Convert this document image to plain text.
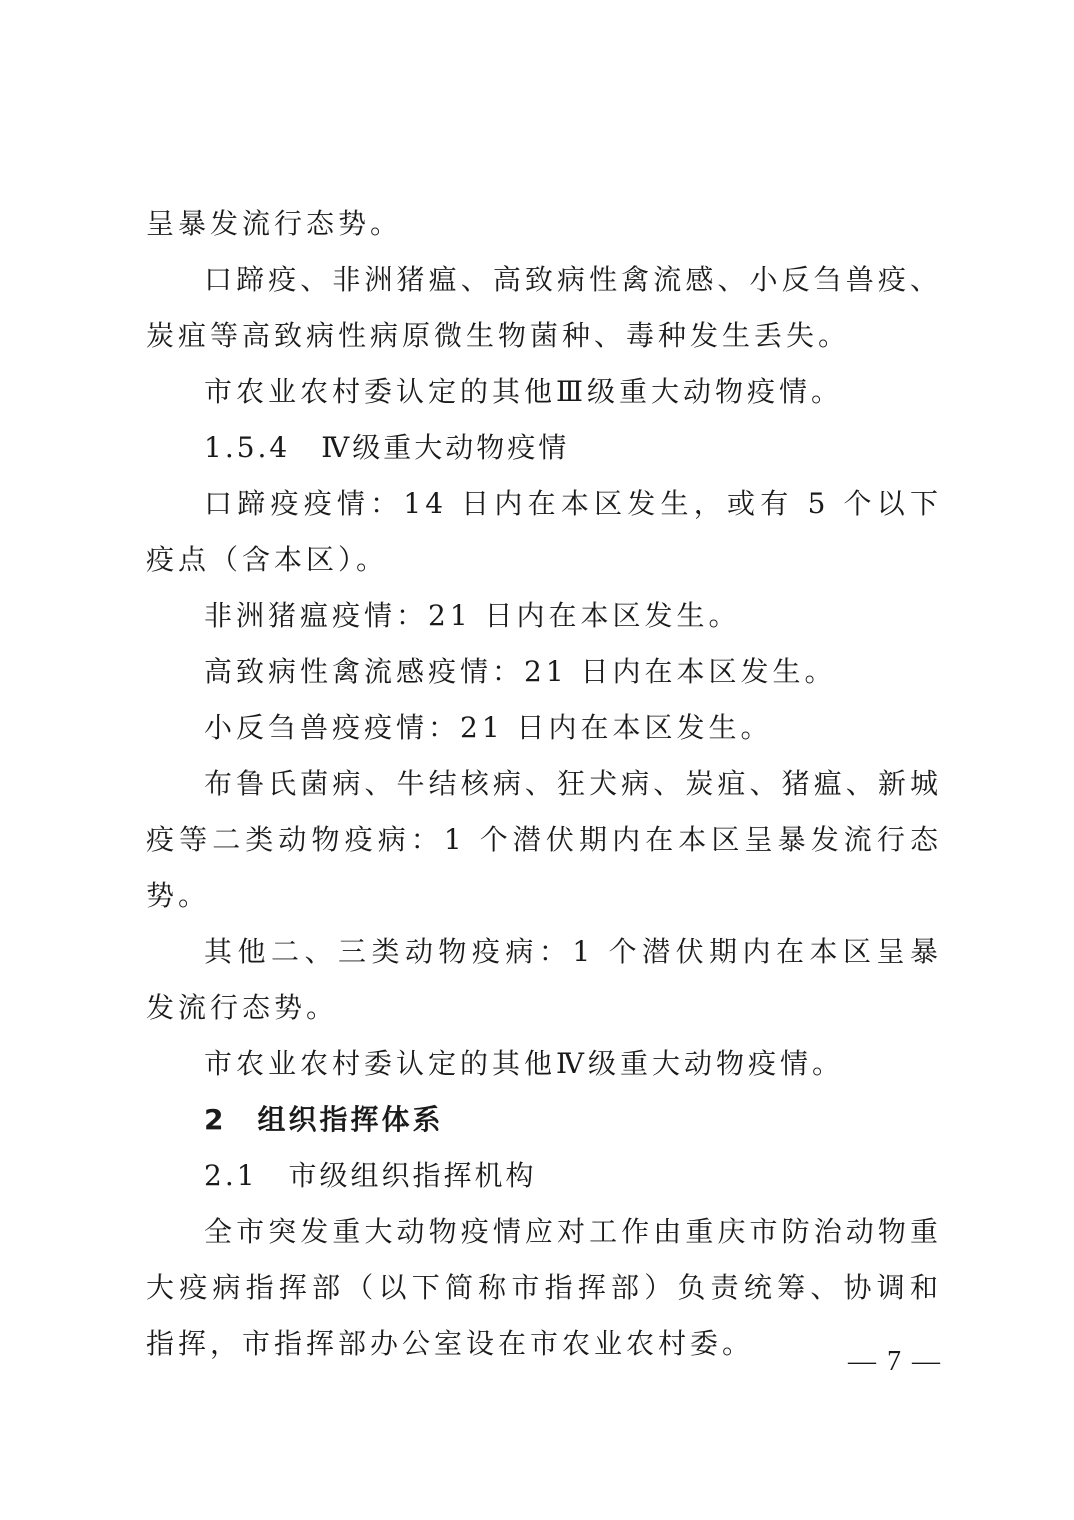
呈暴发流行态势。

口蹄疫、非洲猪瘟、高致病性禽流感、小反刍兽疫、炭疽等高致病性病原微生物菌种、毒种发生丢失。

市农业农村委认定的其他Ⅲ级重大动物疫情。

1.5.4　Ⅳ级重大动物疫情

口蹄疫疫情：14 日内在本区发生，或有 5 个以下疫点（含本区）。

非洲猪瘟疫情：21 日内在本区发生。

高致病性禽流感疫情：21 日内在本区发生。

小反刍兽疫疫情：21 日内在本区发生。

布鲁氏菌病、牛结核病、狂犬病、炭疽、猪瘟、新城疫等二类动物疫病：1 个潜伏期内在本区呈暴发流行态势。

其他二、三类动物疫病：1 个潜伏期内在本区呈暴发流行态势。

市农业农村委认定的其他Ⅳ级重大动物疫情。

2　组织指挥体系

2.1　市级组织指挥机构

全市突发重大动物疫情应对工作由重庆市防治动物重大疫病指挥部（以下简称市指挥部）负责统筹、协调和指挥，市指挥部办公室设在市农业农村委。

— 7 —
